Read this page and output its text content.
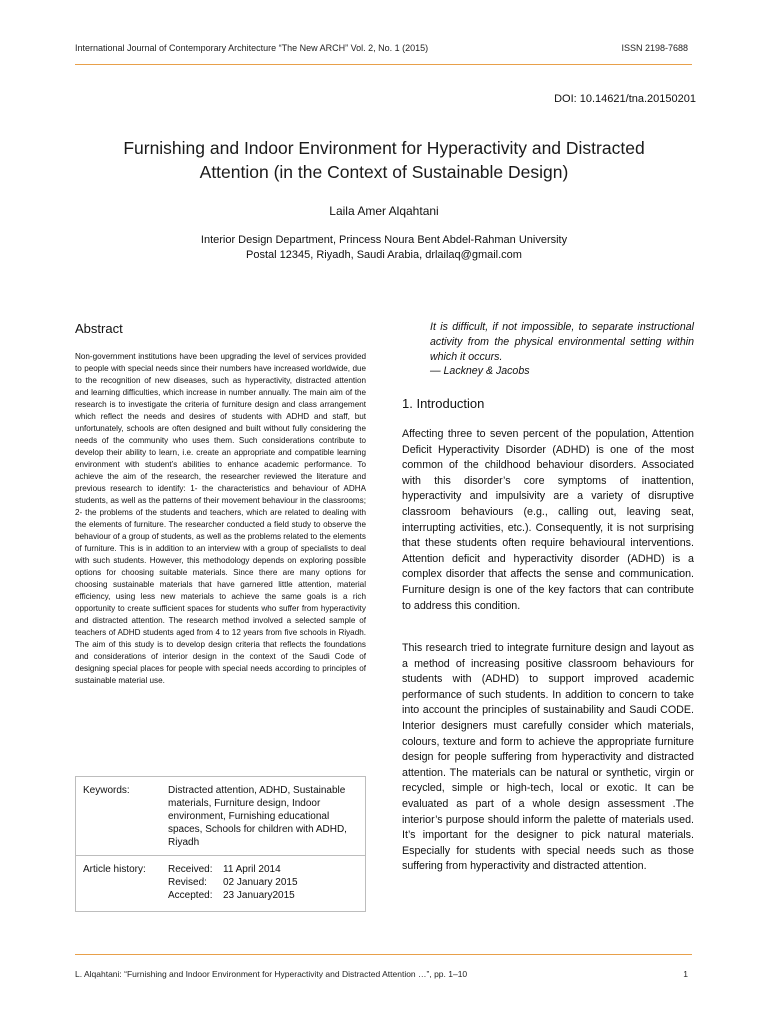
International Journal of Contemporary Architecture “The New ARCH” Vol. 2, No. 1 (2015)	ISSN 2198-7688
DOI: 10.14621/tna.20150201
Furnishing and Indoor Environment for Hyperactivity and Distracted
Attention (in the Context of Sustainable Design)
Laila Amer Alqahtani
Interior Design Department, Princess Noura Bent Abdel-Rahman University
Postal 12345, Riyadh, Saudi Arabia, drlailaq@gmail.com
Abstract

Non-government institutions have been upgrading the level of services provided to people with special needs since their numbers have increased worldwide, due to the recognition of new diseases, such as hyperactivity, distracted attention and learning difficulties, which increase in number annually. The main aim of the research is to investigate the criteria of furniture design and class arrangement which reflect the needs and desires of students with ADHD and staff, but unfortunately, schools are often designed and built without fully considering the needs of the community who uses them. Such considerations contribute to develop their ability to learn, i.e. create an appropriate and compatible learning environment with student’s abilities to enhance academic performance. To achieve the aim of the research, the researcher reviewed the literature and previous research to identify: 1- the characteristics and behaviour of ADHA students, as well as the patterns of their movement behaviour in the classrooms; 2- the problems of the students and teachers, which are related to dealing with the elements of furniture. The researcher conducted a field study to observe the behaviour of a group of students, as well as the problems related to the elements of furniture. This is in addition to an interview with a group of specialists to deal with such students. However, this methodology depends on exploring possible options for choosing suitable materials. Since there are many options for choosing sustainable materials that have garnered little attention, material efficiency, using less new materials to achieve the same goals is a rich opportunity to create sufficient spaces for students who suffer from hyperactivity and distracted attention. The research method involved a selected sample of teachers of ADHD students aged from 4 to 12 years from five schools in Riyadh. The aim of this study is to develop design criteria that reflects the foundations and considerations of interior design in the context of the Saudi Code of designing special places for people with special needs according to principles of sustainable material use.

Keywords:	Distracted attention, ADHD, Sustainable materials, Furniture design, Indoor environment, Furnishing educational spaces, Schools for children with ADHD, Riyadh
Article history: Received:	11 April 2014
Revised:	02 January 2015
Accepted:	23 January2015

It is difficult, if not impossible, to separate instructional activity from the physical environmental setting within which it occurs.

— Lackney & Jacobs
1. Introduction

Affecting three to seven percent of the population, Attention Deficit Hyperactivity Disorder (ADHD) is one of the most common of the childhood behaviour disorders. Associated with this disorder’s core symptoms of inattention, hyperactivity and impulsivity are a variety of disruptive classroom behaviours (e.g., calling out, leaving seat, interrupting activities, etc.). Consequently, it is not surprising that these students often require behavioural interventions. Attention deficit and hyperactivity disorder (ADHD) is a complex disorder that affects the sense and communication. Furniture design is one of the key factors that can contribute to address this condition.

This research tried to integrate furniture design and layout as a method of increasing positive classroom behaviours for students with (ADHD) to support improved academic performance of such students. In addition to concern to take into account the principles of sustainability and Saudi CODE. Interior designers must carefully consider which materials, colours, texture and form to achieve the appropriate furniture design for people suffering from hyperactivity and distracted attention. The materials can be natural or synthetic, virgin or recycled, simple or high-tech, local or exotic. It can be evaluated as part of a whole design assessment .The interior’s purpose should inform the palette of materials used. It’s important for the designer to pick natural materials. Especially for students with special needs such as those suffering from hyperactivity and distracted attention.

L. Alqahtani: “Furnishing and Indoor Environment for Hyperactivity and Distracted Attention …”, pp. 1–10	1
